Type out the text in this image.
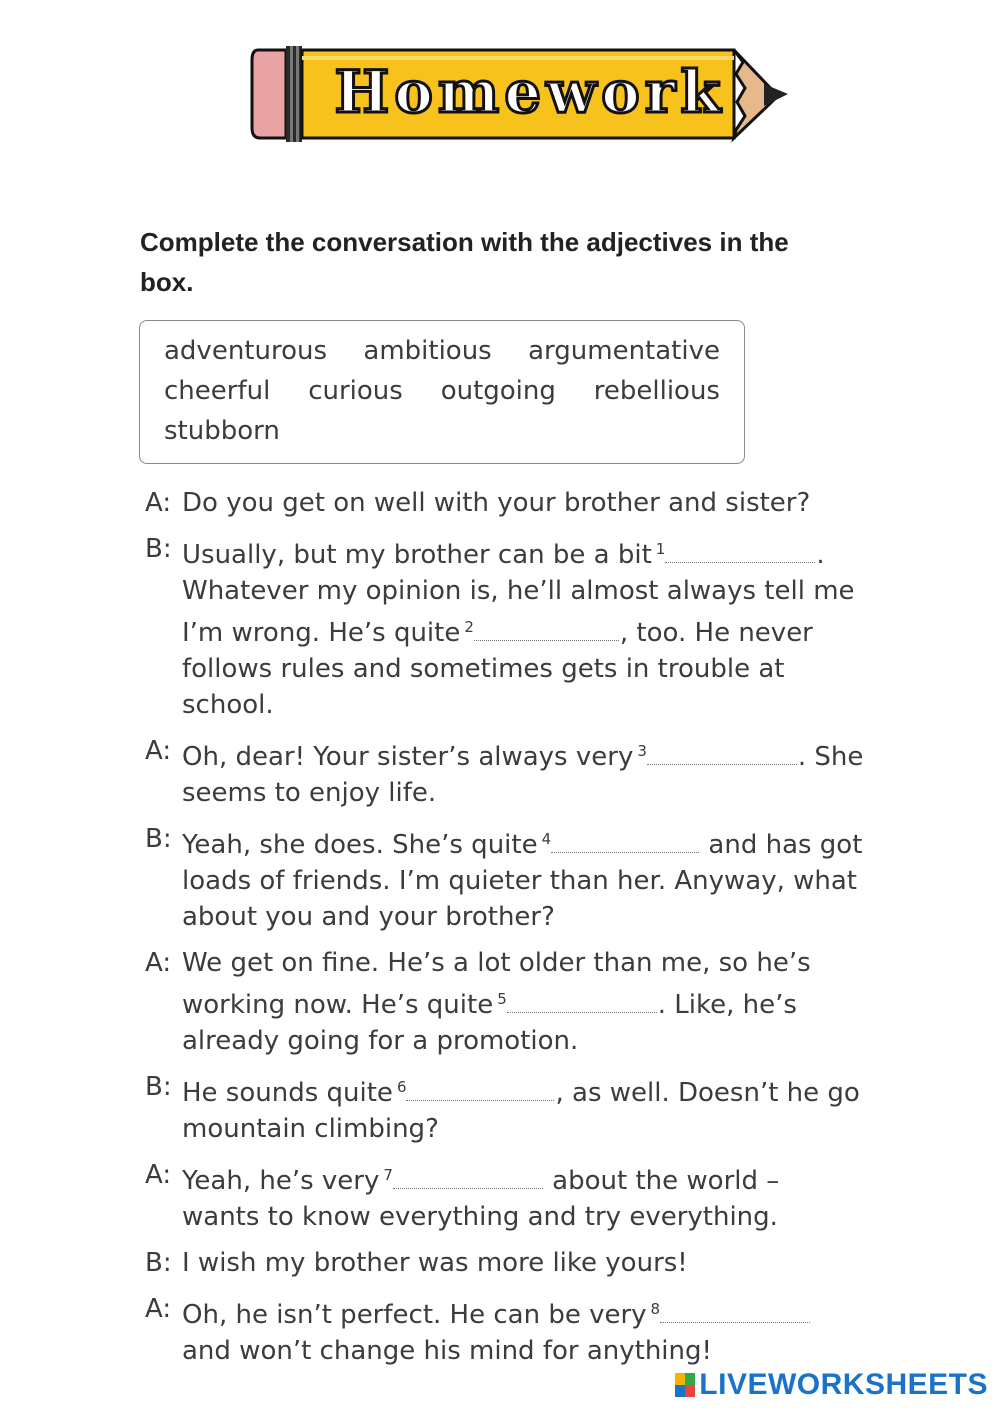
Homework
Complete the conversation with the adjectives in the box.
adventurous ambitious argumentative
cheerful curious outgoing rebellious
stubborn
A: Do you get on well with your brother and sister?
B: Usually, but my brother can be a bit $^1$	.
Whatever my opinion is, he’ll almost always tell me
I’m wrong. He’s quite $^2$	, too. He never
follows rules and sometimes gets in trouble at
school.
A: Oh, dear! Your sister’s always very $^3$	. She
seems to enjoy life.
B: Yeah, she does. She’s quite $^4$	and has got
loads of friends. I’m quieter than her. Anyway, what
about you and your brother?
A: We get on fine. He’s a lot older than me, so he’s
working now. He’s quite $^5$	. Like, he’s
already going for a promotion.
B: He sounds quite $^6$	, as well. Doesn’t he go
mountain climbing?
A: Yeah, he’s very $^7$	about the world –
wants to know everything and try everything.
B: I wish my brother was more like yours!
A: Oh, he isn’t perfect. He can be very $^8$
and won’t change his mind for anything!
LIVEWORKSHEETS
